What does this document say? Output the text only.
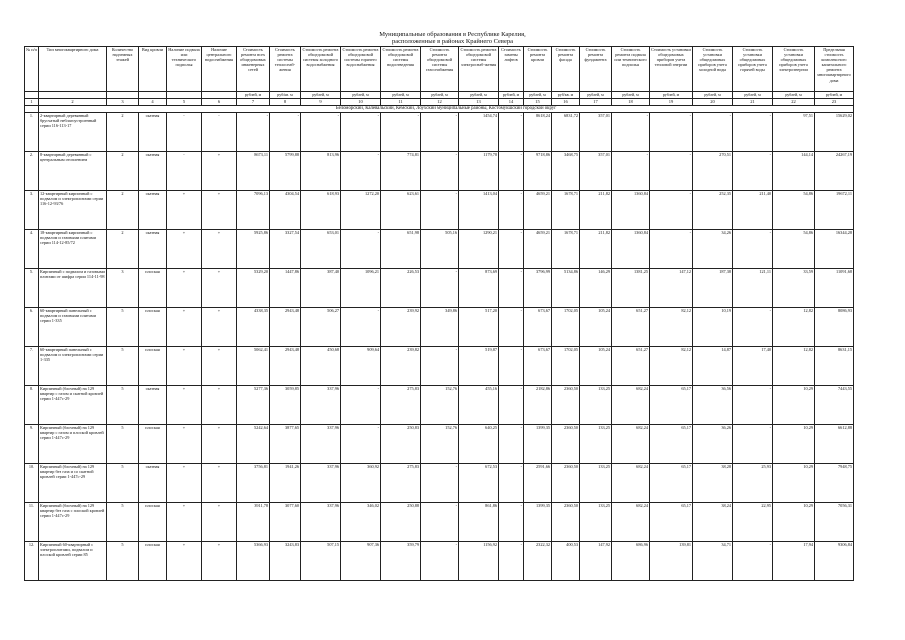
Муниципальные образования в Республике Карелия,
расположенные в районах Крайнего Севера
№ п/п	Тип многоквартирного дома	Количество надземных этажей	Вид кровли	Наличие подвала или технического подполья	Наличие центрального водоснабжения	Стоимость ремонта всех общедомовых инженерных сетей	Стоимость ремонта системы теплоснаб-жения	Стоимость ремонта общедомовой системы холодного водоснабжения	Стоимость ремонта общедомовой системы горячего водоснабжения	Стоимость ремонта общедомовой системы водоотведения	Стоимость ремонта общедомовой системы газоснабжения	Стоимость ремонта общедомовой системы электроснаб-жения	Стоимость замены лифтов	Стоимость ремонта кровли	Стоимость ремонта фасада	Стоимость ремонта фундамента	Стоимость ремонта подвала или технического подполья	Стоимость установки общедомовых приборов учета тепловой энергии	Стоимость установки общедомовых приборов учета холодной воды	Стоимость установки общедомовых приборов учета горячей воды	Стоимость установки общедомовых приборов учета электроэнергии	Предельная стоимость комплексного капитального ремонта многоквартирного дома
						рублей, м	руб/кв. м	рублей, м	рублей, м	рублей, м	рублей, м	рублей, м	рублей, м	рублей, м	руб/кв. м	рублей, м	рублей, м	рублей, м	рублей, м	рублей, м	рублей, м	рублей, м
1	2	3	4	5	6	7	8	9	10	11	12	13	14	15	16	17	18	19	20	21	22	23
	Беломорский, Калевальский, Кемский, Лоухский муниципальные районы, Костомукшский городской округ																					
1.	2-квартирный деревянный брусчатый неблагоустроенный серии 116-113-17	2	скатная	-	-	-	-	-	-	-	-	1454,74	-	8618,24	6831,72	357,01	-	-	-	-	97,51	15629,02
2.	8-квартирный деревянный с центральным отоплением	2	скатная	-	+	8673,11	5799,88	813,96	-	774,81	-	1179,78	-	9718,86	3468,75	357,01	-	-	270,51	-	144,14	24267,19
3.	12-квартирный кирпичный с подвалом и электроплитами серии 116-12-93/76	2	скатная	+	+	7096,13	4304,54	618,93	1272,20	623,61	-	1413,04	-	4659,21	1678,71	211,82	1360,84	-	252,35	211,40	54,86	19672,11
4.	18-квартирный кирпичный с подвалом и газовыми плитами серии 114-12-85/72	2	скатная	+	+	5925,86	3327,54	653,01	-	651,98	505,16	1290,21	-	4659,21	1678,71	211,82	1360,84	-	34,26	-	54,86	16344,28
5.	Кирпичный с подвалом и газовыми плитами от шифра серии 114-11-98	3	плоская	+	+	5329,20	1447,86	387,40	1096,21	226,53	-	873,69	-	3796,99	5134,86	146,29	1381,25	147,12	187,38	121,11	33,59	11091,68
6.	60-квартирный панельный с подвалом и газовыми плитами серии 1-335	5	плоская	+	+	4338,35	2943,48	506,27	-	239,92	349,86	517,20	-	673,67	1702,05	105,24	651,27	82,12	10,19	-	12,82	8086,93
7.	60-квартирный панельный с подвалом и электроплитами серии 1-335	5	плоская	+	+	5062,41	2943,48	450,68	909,64	239,82	-	519,87	-	673,67	1702,05	105,24	651,27	82,12	14,87	17,40	12,82	8631,15
8.	Кирпичный (блочный) на 129 квартир с газом и скатной кровлей серии 1-447с-29	5	скатная	+	+	5277,36	3059,85	337,96	-	275,83	152,76	455,16	-	2182,86	2360,50	133,25	682,24	65,17	36,56	-	10,29	7443,55
9.	Кирпичный (блочный) на 129 квартир с газом и плоской кровлей серии 1-447с-29	5	плоская	+	+	5242,64	3877,65	337,96	-	250,83	152,76	640,25	-	1399,35	2360,50	133,25	682,24	65,17	36,26	-	10,29	6612,88
10.	Кирпичный (блочный) на 129 квартир без газа и со скатной кровлей серии 1-447с-29	5	скатная	+	+	3756,81	1941,26	337,96	360,92	275,83	-	672,53	-	2591,66	2360,50	133,25	682,24	65,17	38,28	25,93	10,29	7948,75
11.	Кирпичный (блочный) на 129 квартир без газа с плоской кровлей серии 1-447с-29	5	плоская	+	+	3911,78	3077,60	337,96	346,02	250,88	-	861,86	-	1399,35	2360,50	133,25	682,24	65,17	38,24	22,95	10,29	7056,31
12.	Кирпичный 60-квартирный с электроплитами, подвалом и плоской кровлей серии 85	5	плоская	+	+	5366,93	3243,83	507,15	907,36	359,79	-	1156,92	-	2322,32	400,53	147,92	686,96	139,81	34,71	-	17,94	9306,84
